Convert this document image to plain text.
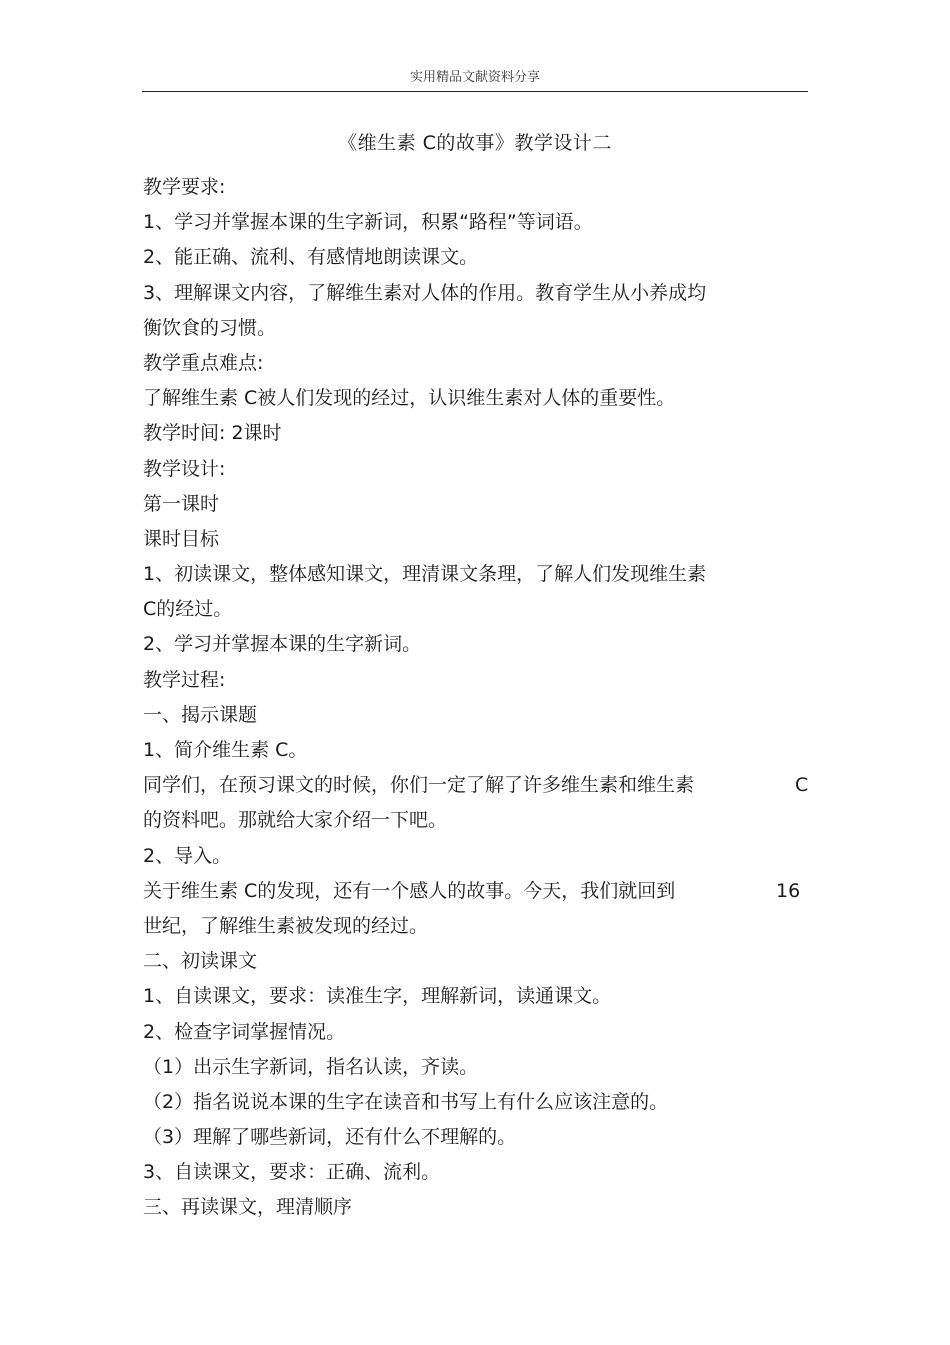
实用精品文献资料分享
《维生素 C的故事》教学设计二
教学要求:
1、学习并掌握本课的生字新词，积累“路程”等词语。
2、能正确、流利、有感情地朗读课文。
3、理解课文内容，了解维生素对人体的作用。教育学生从小养成均
衡饮食的习惯。
教学重点难点:
了解维生素 C被人们发现的经过，认识维生素对人体的重要性。
教学时间: 2课时
教学设计:
第一课时
课时目标
1、初读课文，整体感知课文，理清课文条理，了解人们发现维生素
C的经过。
2、学习并掌握本课的生字新词。
教学过程:
一、揭示课题
1、简介维生素 C。
同学们，在预习课文的时候，你们一定了解了许多维生素和维生素	C
的资料吧。那就给大家介绍一下吧。
2、导入。
关于维生素 C的发现，还有一个感人的故事。今天，我们就回到	16
世纪，了解维生素被发现的经过。
二、初读课文
1、自读课文，要求：读准生字，理解新词，读通课文。
2、检查字词掌握情况。
（1）出示生字新词，指名认读，齐读。
（2）指名说说本课的生字在读音和书写上有什么应该注意的。
（3）理解了哪些新词，还有什么不理解的。
3、自读课文，要求：正确、流利。
三、再读课文，理清顺序
